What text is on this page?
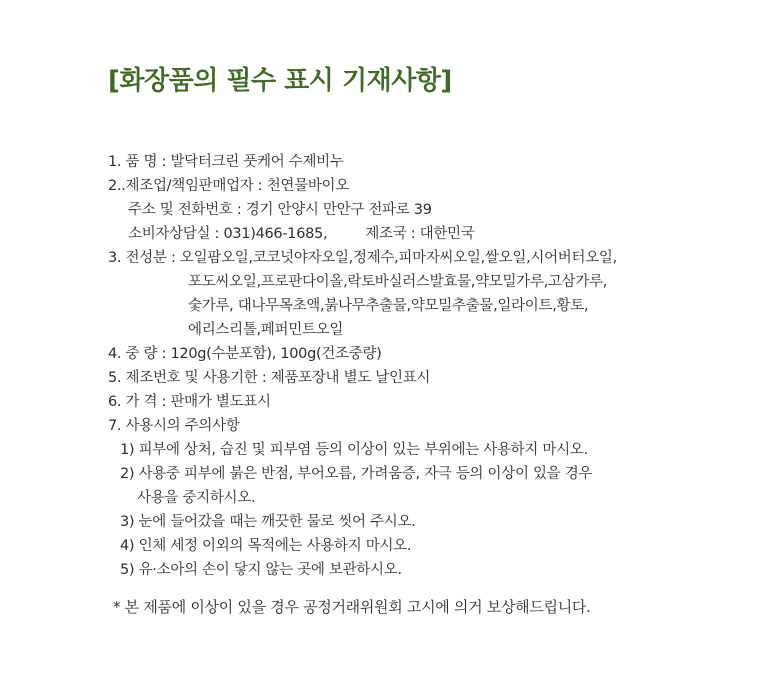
[화장품의 필수 표시 기재사항]
1. 품 명 : 발닥터크린 풋케어 수제비누
2..제조업/책임판매업자 : 천연물바이오
주소 및 전화번호 : 경기 안양시 만안구 전파로 39
소비자상담실 : 031)466-1685,	제조국 : 대한민국
3. 전성분 : 오일팜오일,코코넛야자오일,정제수,피마자씨오일,쌀오일,시어버터오일,
포도씨오일,프로판다이올,락토바실러스발효물,약모밀가루,고삼가루,
숯가루, 대나무목초액,붉나무추출물,약모밀추출물,일라이트,황토,
에리스리톨,페퍼민트오일
4. 중 량 : 120g(수분포함), 100g(건조중량)
5. 제조번호 및 사용기한 : 제품포장내 별도 날인표시
6. 가 격 : 판매가 별도표시
7. 사용시의 주의사항
1) 피부에 상처, 습진 및 피부염 등의 이상이 있는 부위에는 사용하지 마시오.
2) 사용중 피부에 붉은 반점, 부어오름, 가려움증, 자극 등의 이상이 있을 경우
사용을 중지하시오.
3) 눈에 들어갔을 때는 깨끗한 물로 씻어 주시오.
4) 인체 세정 이외의 목적에는 사용하지 마시오.
5) 유·소아의 손이 닿지 않는 곳에 보관하시오.
* 본 제품에 이상이 있을 경우 공정거래위원회 고시에 의거 보상해드립니다.
